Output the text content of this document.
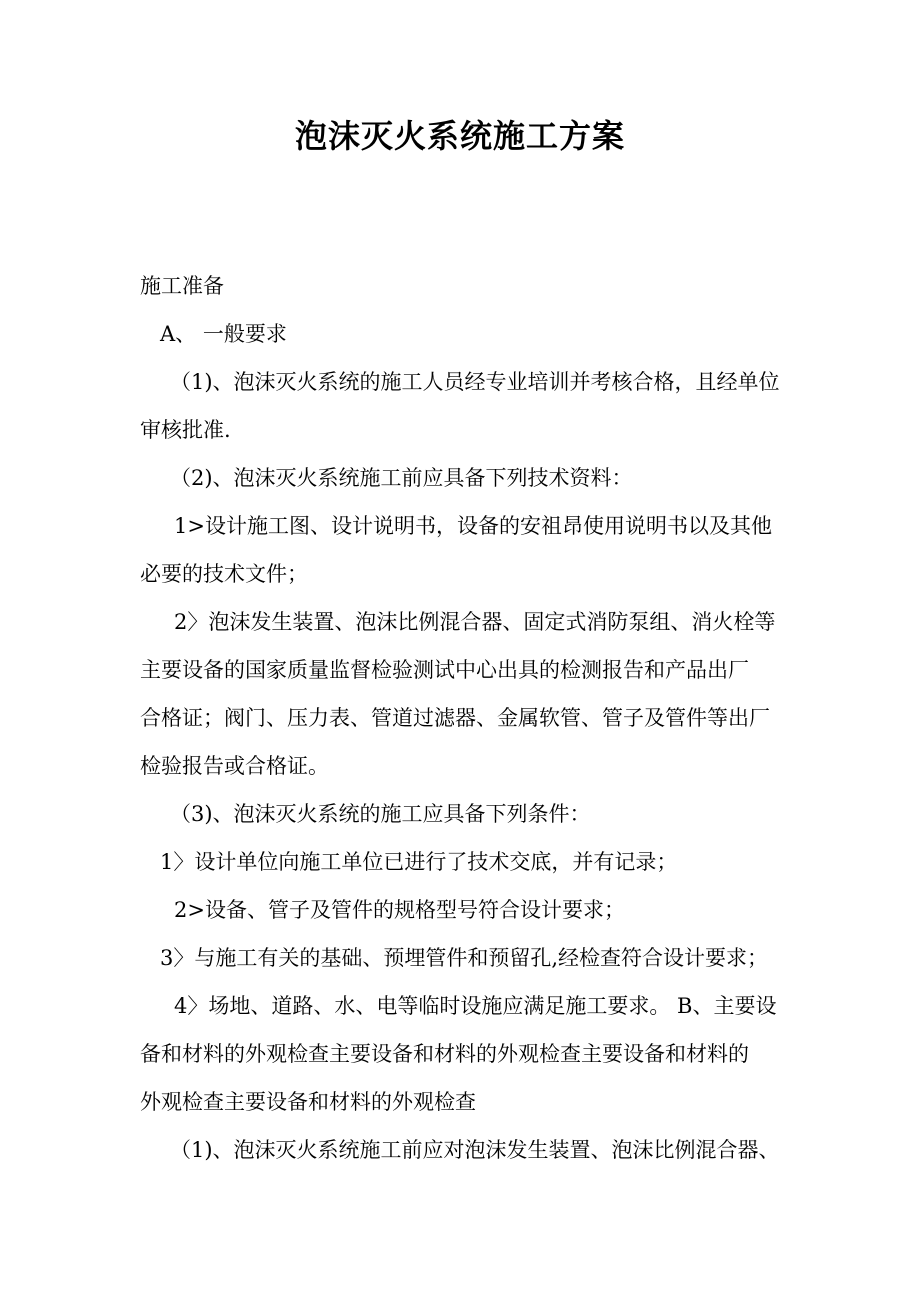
泡沫灭火系统施工方案

施工准备

A、 一般要求

（1)、泡沫灭火系统的施工人员经专业培训并考核合格，且经单位

审核批准.

（2)、泡沫灭火系统施工前应具备下列技术资料：

1>设计施工图、设计说明书，设备的安祖昂使用说明书以及其他

必要的技术文件；

2〉泡沫发生装置、泡沫比例混合器、固定式消防泵组、消火栓等

主要设备的国家质量监督检验测试中心出具的检测报告和产品出厂

合格证；阀门、压力表、管道过滤器、金属软管、管子及管件等出厂

检验报告或合格证。

（3)、泡沫灭火系统的施工应具备下列条件：

1〉设计单位向施工单位已进行了技术交底，并有记录；

2>设备、管子及管件的规格型号符合设计要求；

3〉与施工有关的基础、预埋管件和预留孔,经检查符合设计要求；

4〉场地、道路、水、电等临时设施应满足施工要求。 B、主要设

备和材料的外观检查主要设备和材料的外观检查主要设备和材料的

外观检查主要设备和材料的外观检查

（1)、泡沫灭火系统施工前应对泡沫发生装置、泡沫比例混合器、
